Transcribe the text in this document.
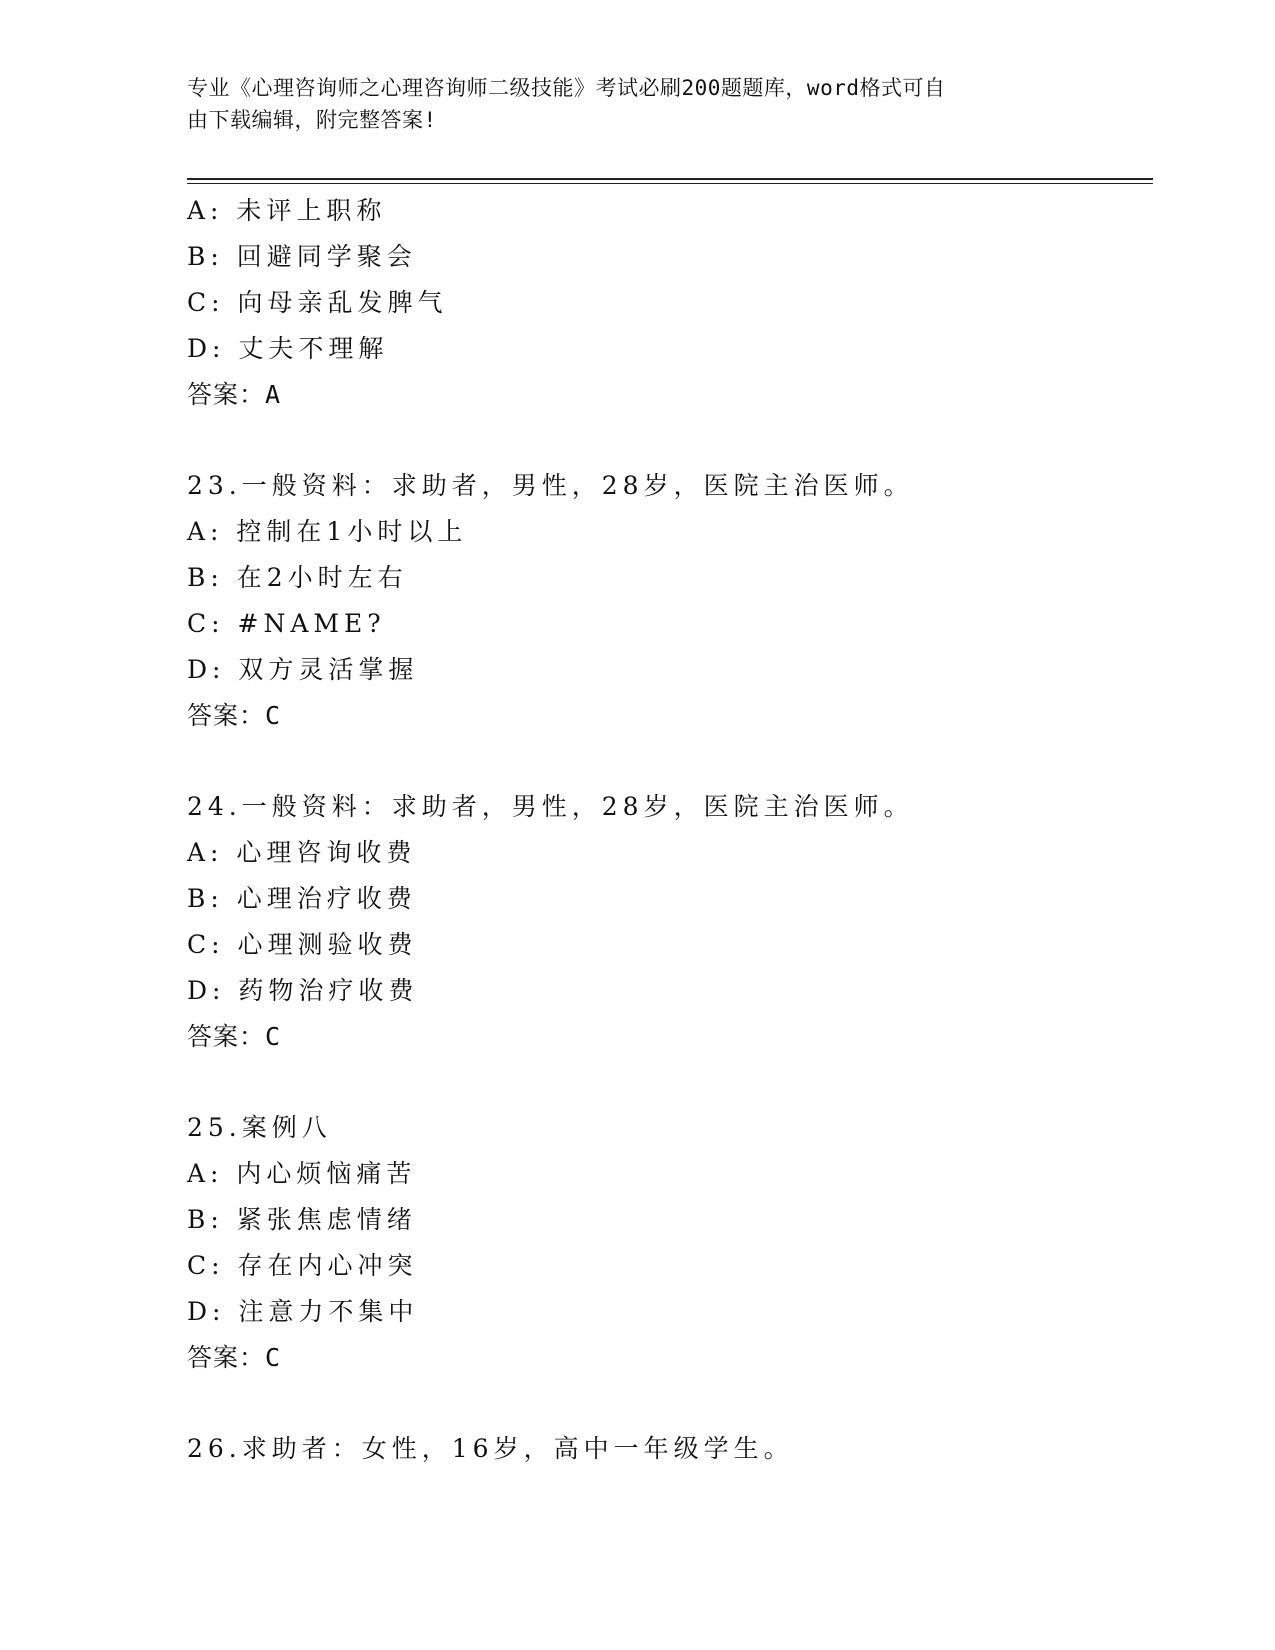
专业《心理咨询师之心理咨询师二级技能》考试必刷200题题库，word格式可自
由下载编辑，附完整答案!
A: 未评上职称
B: 回避同学聚会
C: 向母亲乱发脾气
D: 丈夫不理解
答案：A
23.一般资料：求助者，男性，28岁，医院主治医师。
A: 控制在1小时以上
B: 在2小时左右
C: #NAME?
D: 双方灵活掌握
答案：C
24.一般资料：求助者，男性，28岁，医院主治医师。
A: 心理咨询收费
B: 心理治疗收费
C: 心理测验收费
D: 药物治疗收费
答案：C
25.案例八
A: 内心烦恼痛苦
B: 紧张焦虑情绪
C: 存在内心冲突
D: 注意力不集中
答案：C
26.求助者：女性，16岁，高中一年级学生。
